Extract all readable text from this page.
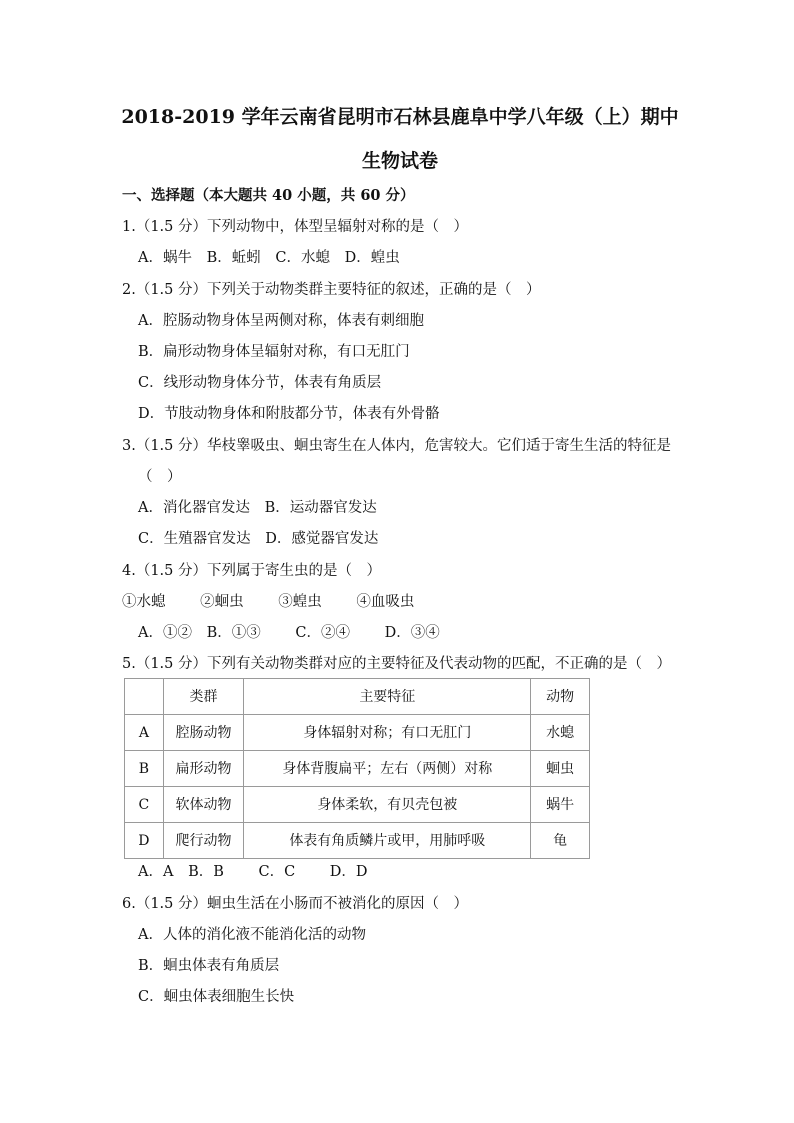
2018-2019 学年云南省昆明市石林县鹿阜中学八年级（上）期中
生物试卷
一、选择题（本大题共 40 小题，共 60 分）
1.（1.5 分）下列动物中，体型呈辐射对称的是（　）
A．蜗牛 B．蚯蚓 C．水螅 D．蝗虫
2.（1.5 分）下列关于动物类群主要特征的叙述，正确的是（　）
A．腔肠动物身体呈两侧对称，体表有刺细胞
B．扁形动物身体呈辐射对称，有口无肛门
C．线形动物身体分节，体表有角质层
D．节肢动物身体和附肢都分节，体表有外骨骼
3.（1.5 分）华枝睾吸虫、蛔虫寄生在人体内，危害较大。它们适于寄生生活的特征是
（　）
A．消化器官发达 B．运动器官发达
C．生殖器官发达 D．感觉器官发达
4.（1.5 分）下列属于寄生虫的是（　）
①水螅 ②蛔虫 ③蝗虫 ④血吸虫
A．①② B．①③ C．②④ D．③④
5.（1.5 分）下列有关动物类群对应的主要特征及代表动物的匹配，不正确的是（　）
	类群	主要特征	动物
A	腔肠动物	身体辐射对称；有口无肛门	水螅
B	扁形动物	身体背腹扁平；左右（两侧）对称	蛔虫
C	软体动物	身体柔软，有贝壳包被	蜗牛
D	爬行动物	体表有角质鳞片或甲，用肺呼吸	龟
A．A B．B C．C D．D
6.（1.5 分）蛔虫生活在小肠而不被消化的原因（　）
A．人体的消化液不能消化活的动物
B．蛔虫体表有角质层
C．蛔虫体表细胞生长快
